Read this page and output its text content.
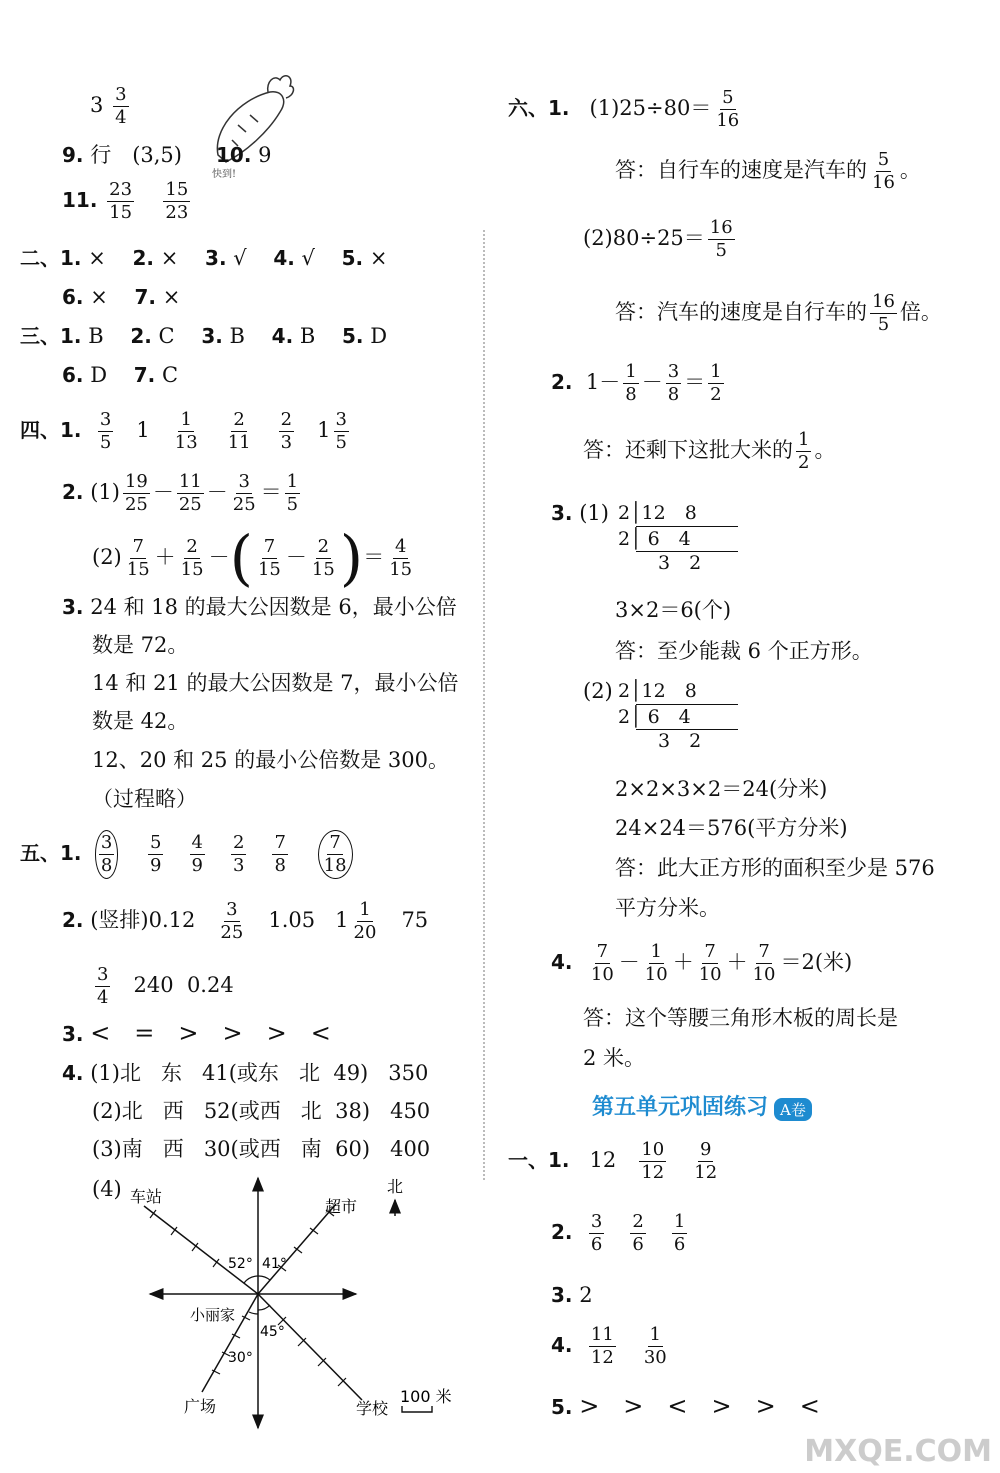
$3 \frac{3}{4}$
快到!
9. 行　(3,5) 10. 9
11. $\frac{23}{15}$
$\frac{15}{23}$
二、1. × 2. × 3. √ 4. √ 5. ×
6. × 7. ×
三、1. B 2. C 3. B 4. B 5. D
6. D 7. C
四、1. $\frac{3}{5} 1 \frac{1}{13}$
$\frac{2}{11}$
$\frac{2}{3} 1 \frac{3}{5}$
2. $(1) \frac{19}{25} - \frac{11}{25} - \frac{3}{25} = \frac{1}{5}$
$(2) \frac{7}{15} + \frac{2}{15}$ －( $\frac{7}{15} - \frac{2}{15}$ )＝ $\frac{4}{15}$
3. 24 和 18 的最大公因数是 6，最小公倍
数是 72。
14 和 21 的最大公因数是 7，最小公倍
数是 42。
12、20 和 25 的最小公倍数是 300。
（过程略）
五、1. $\frac{3}{8}$
$\frac{5}{9}$
$\frac{4}{9}$
$\frac{2}{3}$
$\frac{7}{8}$
$\frac{7}{18}$
2. (竖排)$0.12 \frac{3}{25} 1.05$ $1 \frac{1}{20} 75$
$\frac{3}{4} 240$ 0.24
3. <　=　>　>　>　<
4. (1)北 东 41(或东 北 49) 350
(2)北 西 52(或西 北 38) 450
(3)南 西 30(或西 南 60) 400
(4) 车站
超市
北
小丽家
广场	学校
100 米
52° 41°
45°
30°
六、1. $(1)25\div 80= \frac{5}{16}$
答：自行车的速度是汽车的 $\frac{5}{16}$ 。
$(2)80\div 25= \frac{16}{5}$
答：汽车的速度是自行车的 $\frac{16}{5}$ 倍。
2. $1- \frac{1}{8} - \frac{3}{8} = \frac{1}{2}$
答：还剩下这批大米的 $\frac{1}{2}$ 。
3. (1) 2│12　8
2│ 6　4
3　2
3×2＝6(个)
答：至少能裁 6 个正方形。
(2) 2│12　8
2│ 6　4
3　2
2×2×3×2＝24(分米)
24×24＝576(平方分米)
答：此大正方形的面积至少是 576
平方分米。
4. $\frac{7}{10} - \frac{1}{10} + \frac{7}{10} + \frac{7}{10} =2$(米)
答：这个等腰三角形木板的周长是
2 米。
第五单元巩固练习 A卷
一、1. $12 \frac{10}{12}$
$\frac{9}{12}$
2. $\frac{3}{6}$
$\frac{2}{6}$
$\frac{1}{6}$
3. 2
4. $\frac{11}{12}$
$\frac{1}{30}$
5. >　>　<　>　>　<
MXQE.COM
